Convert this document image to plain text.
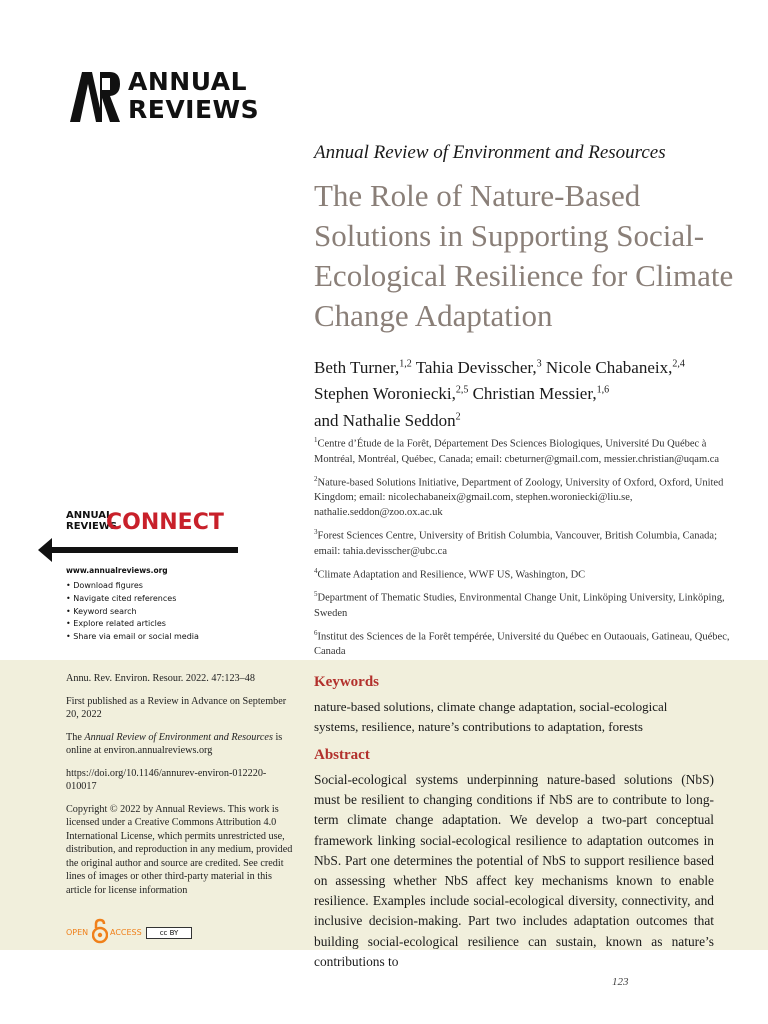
ANNUAL
REVIEWS
Annual Review of Environment and Resources
The Role of Nature-Based Solutions in Supporting Social-Ecological Resilience for Climate Change Adaptation
Beth Turner,$^{1,2}$ Tahia Devisscher,$^3$ Nicole Chabaneix,$^{2,4}$
Stephen Woroniecki,$^{2,5}$ Christian Messier,$^{1,6}$
and Nathalie Seddon$^2$
$^1$Centre d’Étude de la Forêt, Département Des Sciences Biologiques, Université Du Québec à Montréal, Montréal, Québec, Canada; email: cbeturner@gmail.com, messier.christian@uqam.ca
$^2$Nature-based Solutions Initiative, Department of Zoology, University of Oxford, Oxford, United Kingdom; email: nicolechabaneix@gmail.com, stephen.woroniecki@liu.se, nathalie.seddon@zoo.ox.ac.uk
$^3$Forest Sciences Centre, University of British Columbia, Vancouver, British Columbia, Canada; email: tahia.devisscher@ubc.ca
$^4$Climate Adaptation and Resilience, WWF US, Washington, DC
$^5$Department of Thematic Studies, Environmental Change Unit, Linköping University, Linköping, Sweden
$^6$Institut des Sciences de la Forêt tempérée, Université du Québec en Outaouais, Gatineau, Québec, Canada
ANNUAL
REVIEWS
CONNECT
www.annualreviews.org
• Download figures
• Navigate cited references
• Keyword search
• Explore related articles
• Share via email or social media

Annu. Rev. Environ. Resour. 2022. 47:123–48

First published as a Review in Advance on September 20, 2022

The Annual Review of Environment and Resources is online at environ.annualreviews.org

https://doi.org/10.1146/annurev-environ-012220-010017

Copyright © 2022 by Annual Reviews. This work is licensed under a Creative Commons Attribution 4.0 International License, which permits unrestricted use, distribution, and reproduction in any medium, provided the original author and source are credited. See credit lines of images or other third-party material in this article for license information

OPEN	ACCESS	cc BY
Keywords
nature-based solutions, climate change adaptation, social-ecological systems, resilience, nature’s contributions to adaptation, forests
Abstract
Social-ecological systems underpinning nature-based solutions (NbS) must be resilient to changing conditions if NbS are to contribute to long-term climate change adaptation. We develop a two-part conceptual framework linking social-ecological resilience to adaptation outcomes in NbS. Part one determines the potential of NbS to support resilience based on assessing whether NbS affect key mechanisms known to enable resilience. Examples include social-ecological diversity, connectivity, and inclusive decision-making. Part two includes adaptation outcomes that building social-ecological resilience can sustain, known as nature’s contributions to
123
